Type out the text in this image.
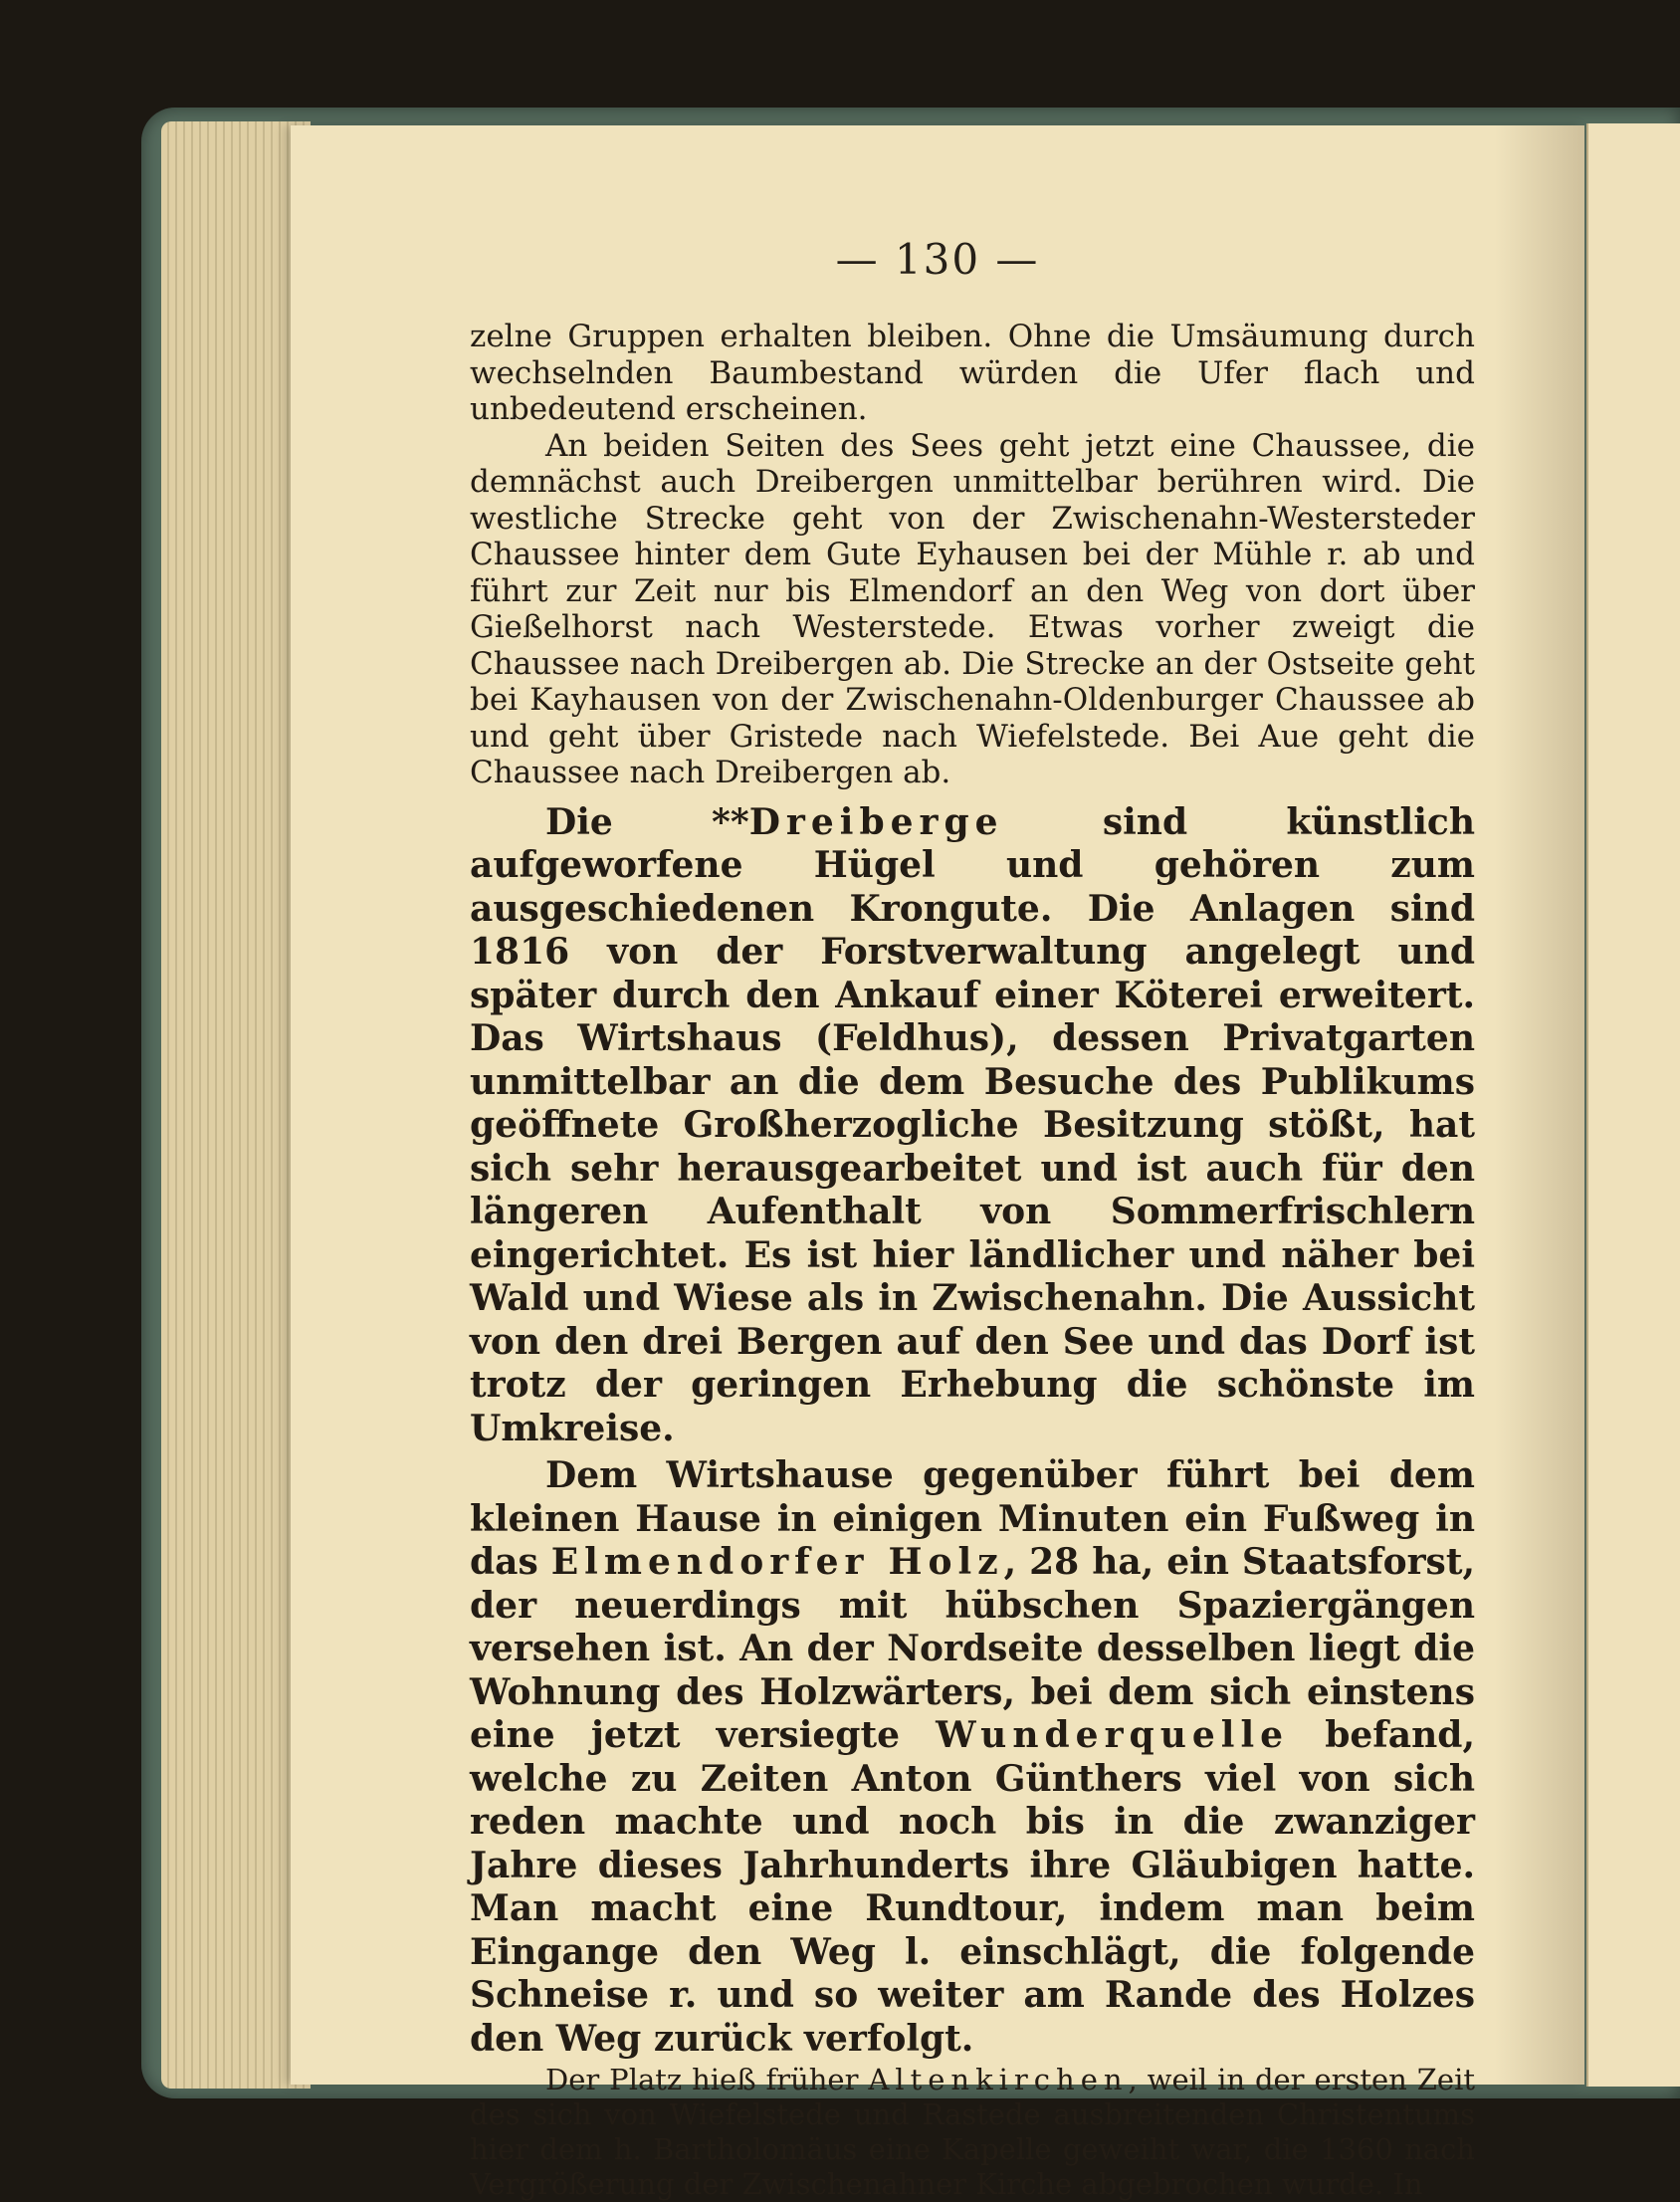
— 130 —

zelne Gruppen erhalten bleiben. Ohne die Umsäumung durch wechselnden Baumbestand würden die Ufer flach und unbedeutend erscheinen.

An beiden Seiten des Sees geht jetzt eine Chaussee, die demnächst auch Dreibergen unmittelbar berühren wird. Die westliche Strecke geht von der Zwischenahn-Westersteder Chaussee hinter dem Gute Eyhausen bei der Mühle r. ab und führt zur Zeit nur bis Elmendorf an den Weg von dort über Gießelhorst nach Westerstede. Etwas vorher zweigt die Chaussee nach Dreibergen ab. Die Strecke an der Ostseite geht bei Kayhausen von der Zwischenahn-Oldenburger Chaussee ab und geht über Gristede nach Wiefelstede. Bei Aue geht die Chaussee nach Dreibergen ab.

Die **Dreiberge sind künstlich aufgeworfene Hügel und gehören zum ausgeschiedenen Krongute. Die Anlagen sind 1816 von der Forstverwaltung angelegt und später durch den Ankauf einer Köterei erweitert. Das Wirtshaus (Feldhus), dessen Privatgarten unmittelbar an die dem Besuche des Publikums geöffnete Großherzogliche Besitzung stößt, hat sich sehr herausgearbeitet und ist auch für den längeren Aufenthalt von Sommerfrischlern eingerichtet. Es ist hier ländlicher und näher bei Wald und Wiese als in Zwischenahn. Die Aussicht von den drei Bergen auf den See und das Dorf ist trotz der geringen Erhebung die schönste im Umkreise.

Dem Wirtshause gegenüber führt bei dem kleinen Hause in einigen Minuten ein Fußweg in das Elmendorfer Holz, 28 ha, ein Staatsforst, der neuerdings mit hübschen Spaziergängen versehen ist. An der Nordseite desselben liegt die Wohnung des Holzwärters, bei dem sich einstens eine jetzt versiegte Wunderquelle befand, welche zu Zeiten Anton Günthers viel von sich reden machte und noch bis in die zwanziger Jahre dieses Jahrhunderts ihre Gläubigen hatte. Man macht eine Rundtour, indem man beim Eingange den Weg l. einschlägt, die folgende Schneise r. und so weiter am Rande des Holzes den Weg zurück verfolgt.

Der Platz hieß früher Altenkirchen, weil in der ersten Zeit des sich von Wiefelstede und Rastede ausbreitenden Christentums hier dem h. Bartholomäus eine Kapelle geweiht war, die 1360 nach Vergrößerung der Zwischenahner Kirche abgebrochen wurde. In
